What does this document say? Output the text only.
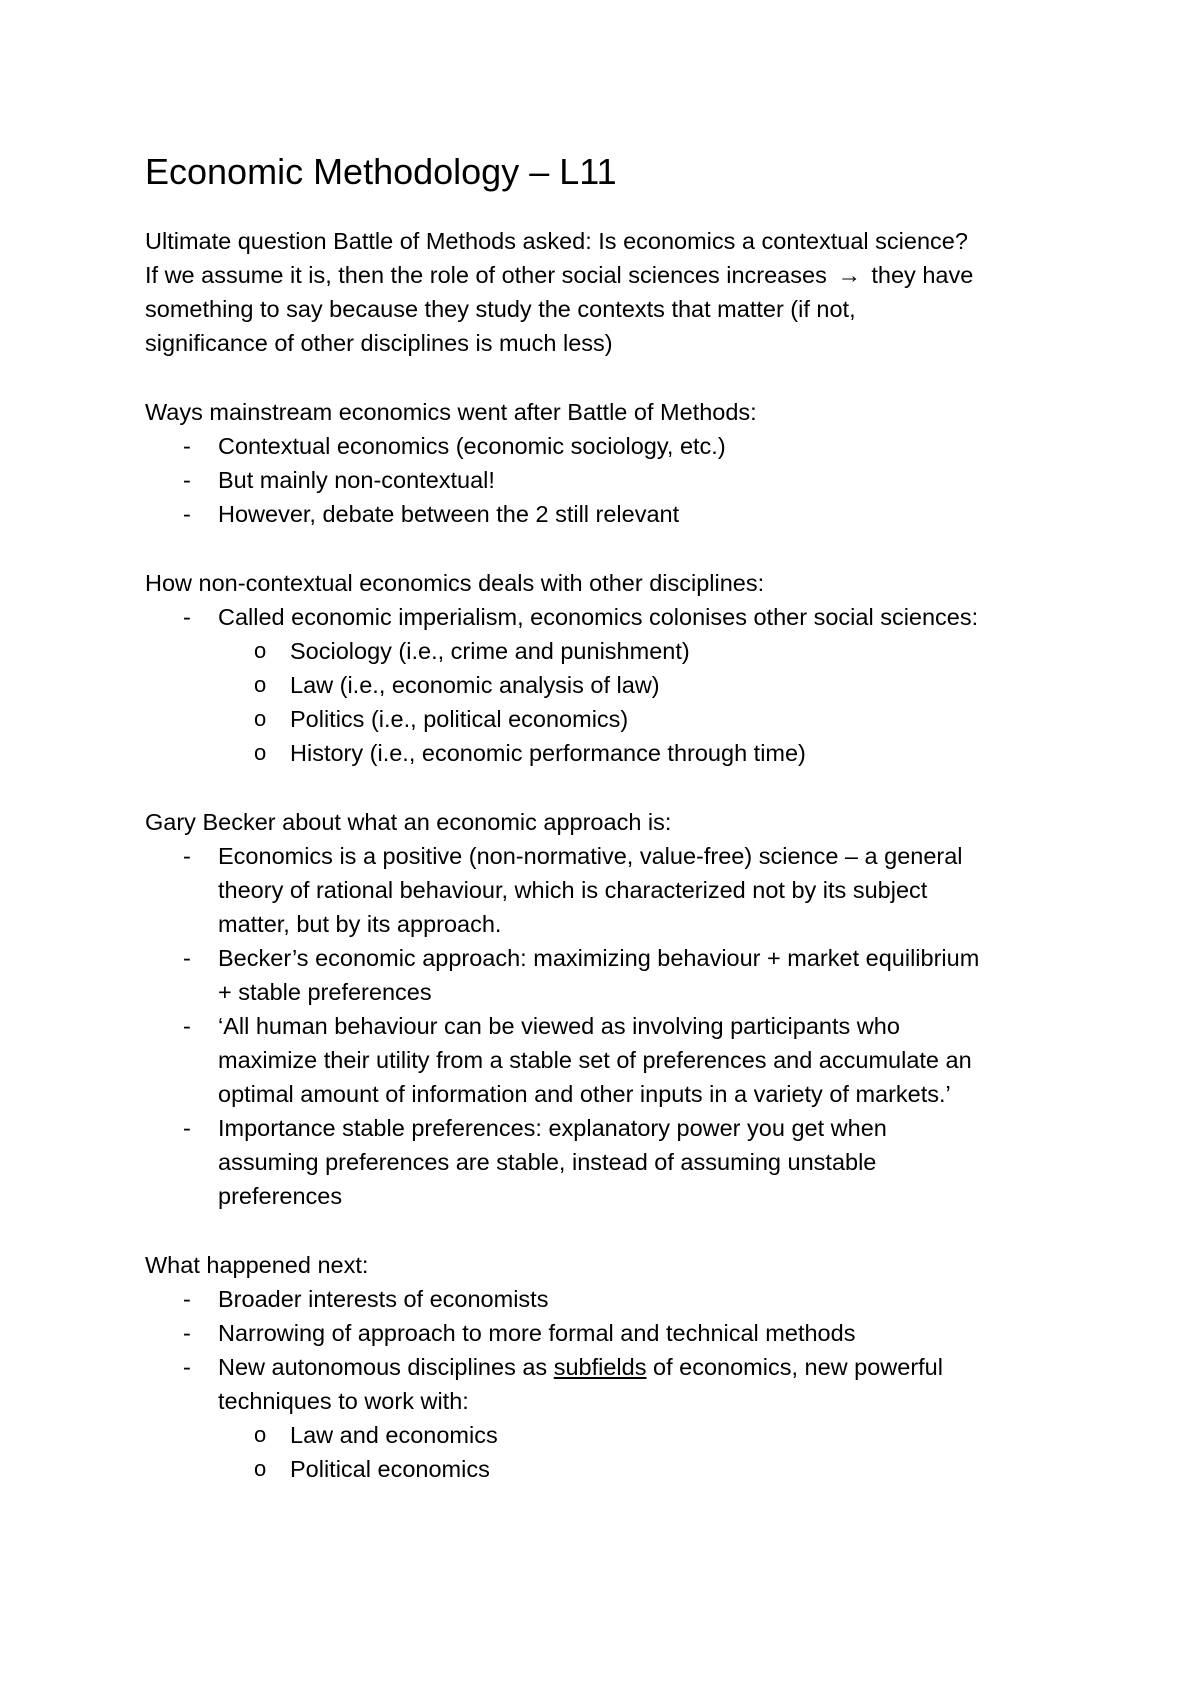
Economic Methodology – L11
Ultimate question Battle of Methods asked: Is economics a contextual science?
If we assume it is, then the role of other social sciences increases → they have
something to say because they study the contexts that matter (if not,
significance of other disciplines is much less)
Ways mainstream economics went after Battle of Methods:
- Contextual economics (economic sociology, etc.)
- But mainly non-contextual!
- However, debate between the 2 still relevant
How non-contextual economics deals with other disciplines:
- Called economic imperialism, economics colonises other social sciences:
o Sociology (i.e., crime and punishment)
o Law (i.e., economic analysis of law)
o Politics (i.e., political economics)
o History (i.e., economic performance through time)
Gary Becker about what an economic approach is:
- Economics is a positive (non-normative, value-free) science – a general
theory of rational behaviour, which is characterized not by its subject
matter, but by its approach.
- Becker’s economic approach: maximizing behaviour + market equilibrium
+ stable preferences
- ‘All human behaviour can be viewed as involving participants who
maximize their utility from a stable set of preferences and accumulate an
optimal amount of information and other inputs in a variety of markets.’
- Importance stable preferences: explanatory power you get when
assuming preferences are stable, instead of assuming unstable
preferences
What happened next:
- Broader interests of economists
- Narrowing of approach to more formal and technical methods
- New autonomous disciplines as subfields of economics, new powerful
techniques to work with:
o Law and economics
o Political economics
